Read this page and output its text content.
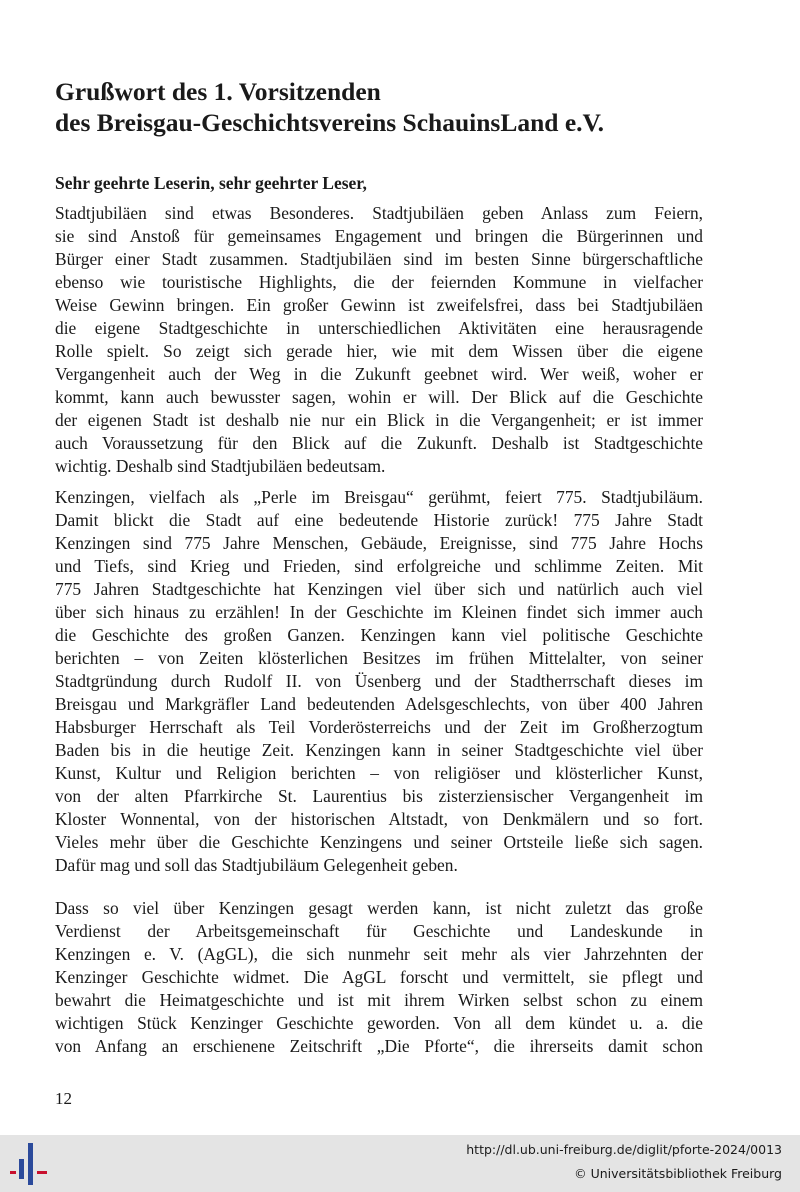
Grußwort des 1. Vorsitzenden
des Breisgau-Geschichtsvereins SchauinsLand e.V.

Sehr geehrte Leserin, sehr geehrter Leser,

Stadtjubiläen sind etwas Besonderes. Stadtjubiläen geben Anlass zum Feiern,
sie sind Anstoß für gemeinsames Engagement und bringen die Bürgerinnen und
Bürger einer Stadt zusammen. Stadtjubiläen sind im besten Sinne bürgerschaftliche
ebenso wie touristische Highlights, die der feiernden Kommune in vielfacher
Weise Gewinn bringen. Ein großer Gewinn ist zweifelsfrei, dass bei Stadtjubiläen
die eigene Stadtgeschichte in unterschiedlichen Aktivitäten eine herausragende
Rolle spielt. So zeigt sich gerade hier, wie mit dem Wissen über die eigene
Vergangenheit auch der Weg in die Zukunft geebnet wird. Wer weiß, woher er
kommt, kann auch bewusster sagen, wohin er will. Der Blick auf die Geschichte
der eigenen Stadt ist deshalb nie nur ein Blick in die Vergangenheit; er ist immer
auch Voraussetzung für den Blick auf die Zukunft. Deshalb ist Stadtgeschichte
wichtig. Deshalb sind Stadtjubiläen bedeutsam.
Kenzingen, vielfach als „Perle im Breisgau“ gerühmt, feiert 775. Stadtjubiläum.
Damit blickt die Stadt auf eine bedeutende Historie zurück! 775 Jahre Stadt
Kenzingen sind 775 Jahre Menschen, Gebäude, Ereignisse, sind 775 Jahre Hochs
und Tiefs, sind Krieg und Frieden, sind erfolgreiche und schlimme Zeiten. Mit
775 Jahren Stadtgeschichte hat Kenzingen viel über sich und natürlich auch viel
über sich hinaus zu erzählen! In der Geschichte im Kleinen findet sich immer auch
die Geschichte des großen Ganzen. Kenzingen kann viel politische Geschichte
berichten – von Zeiten klösterlichen Besitzes im frühen Mittelalter, von seiner
Stadtgründung durch Rudolf II. von Üsenberg und der Stadtherrschaft dieses im
Breisgau und Markgräfler Land bedeutenden Adelsgeschlechts, von über 400 Jahren
Habsburger Herrschaft als Teil Vorderösterreichs und der Zeit im Großherzogtum
Baden bis in die heutige Zeit. Kenzingen kann in seiner Stadtgeschichte viel über
Kunst, Kultur und Religion berichten – von religiöser und klösterlicher Kunst,
von der alten Pfarrkirche St. Laurentius bis zisterziensischer Vergangenheit im
Kloster Wonnental, von der historischen Altstadt, von Denkmälern und so fort.
Vieles mehr über die Geschichte Kenzingens und seiner Ortsteile ließe sich sagen.
Dafür mag und soll das Stadtjubiläum Gelegenheit geben.
Dass so viel über Kenzingen gesagt werden kann, ist nicht zuletzt das große
Verdienst der Arbeitsgemeinschaft für Geschichte und Landeskunde in
Kenzingen e. V. (AgGL), die sich nunmehr seit mehr als vier Jahrzehnten der
Kenzinger Geschichte widmet. Die AgGL forscht und vermittelt, sie pflegt und
bewahrt die Heimatgeschichte und ist mit ihrem Wirken selbst schon zu einem
wichtigen Stück Kenzinger Geschichte geworden. Von all dem kündet u. a. die
von Anfang an erschienene Zeitschrift „Die Pforte“, die ihrerseits damit schon
12
http://dl.ub.uni-freiburg.de/diglit/pforte-2024/0013
© Universitätsbibliothek Freiburg
